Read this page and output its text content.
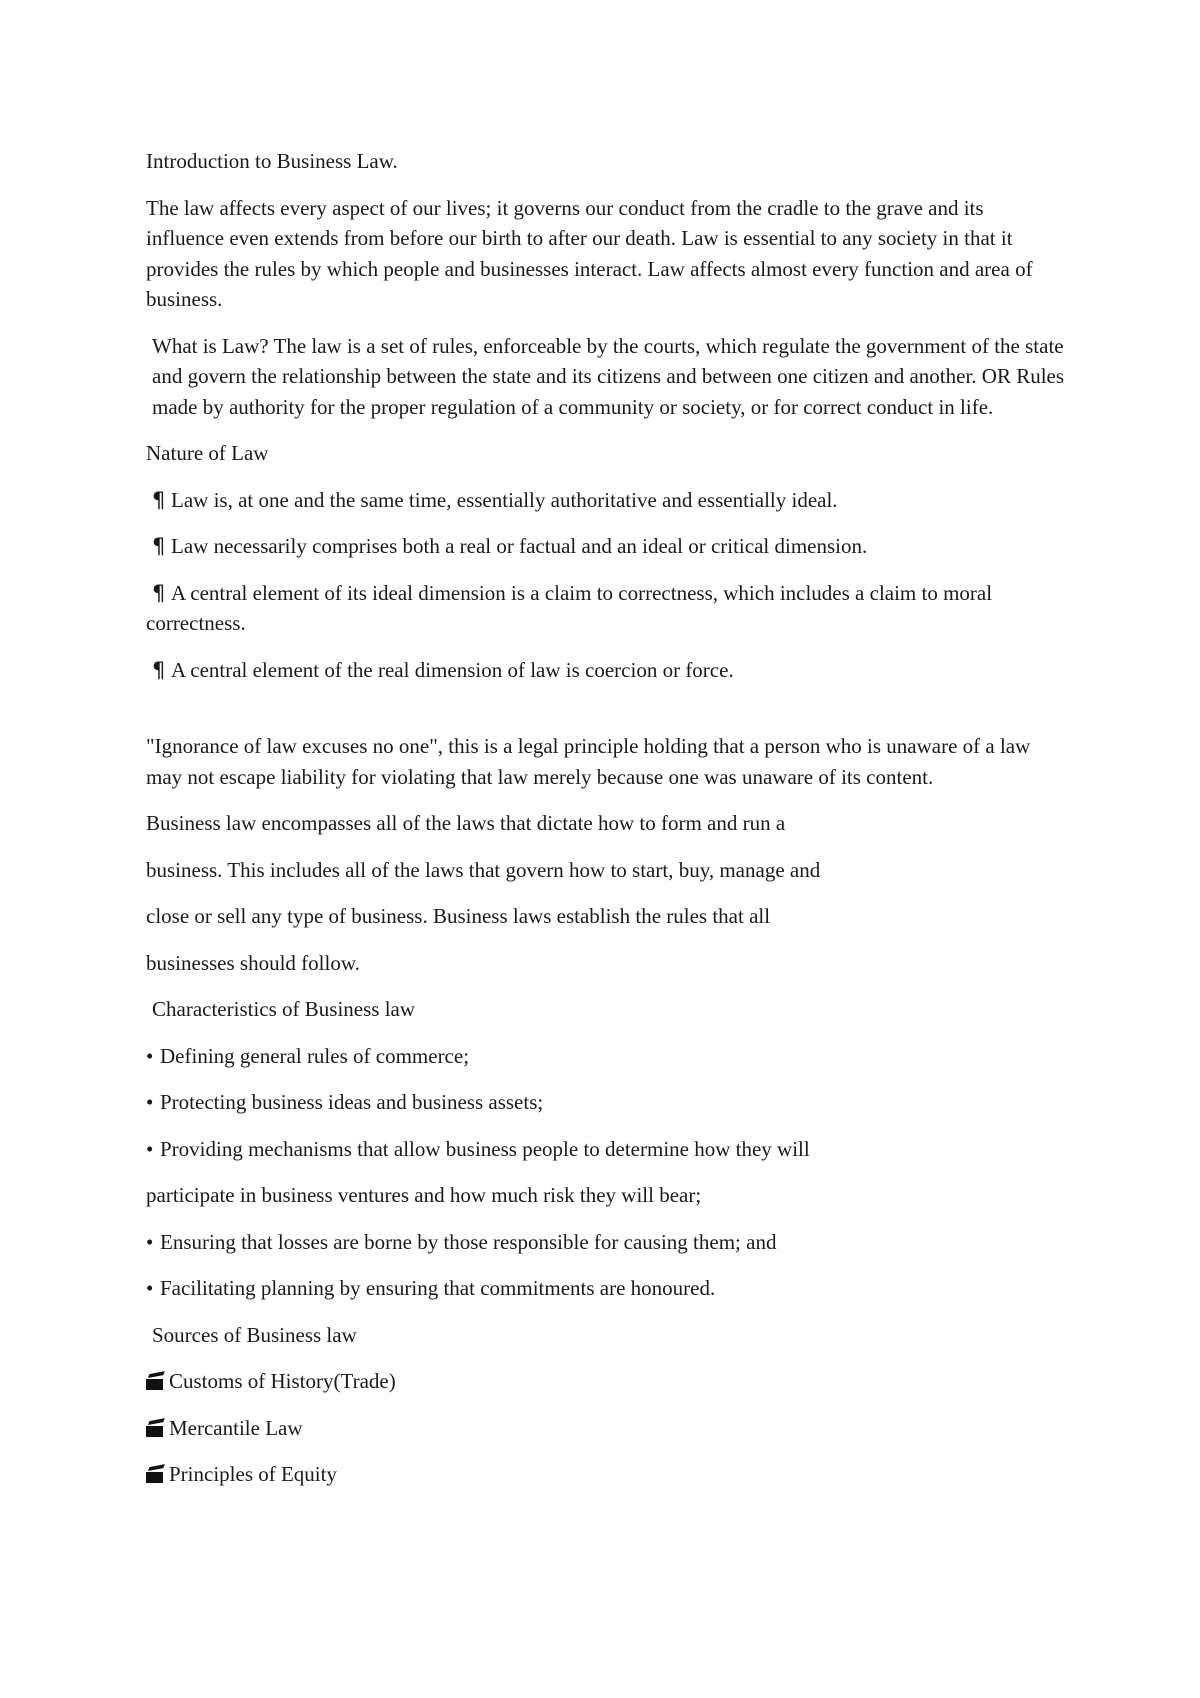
Introduction to Business Law.

The law affects every aspect of our lives; it governs our conduct from the cradle to the grave and its influence even extends from before our birth to after our death. Law is essential to any society in that it provides the rules by which people and businesses interact. Law affects almost every function and area of business.

What is Law? The law is a set of rules, enforceable by the courts, which regulate the government of the state and govern the relationship between the state and its citizens and between one citizen and another. OR Rules made by authority for the proper regulation of a community or society, or for correct conduct in life.

Nature of Law

¶ Law is, at one and the same time, essentially authoritative and essentially ideal.

¶ Law necessarily comprises both a real or factual and an ideal or critical dimension.

¶ A central element of its ideal dimension is a claim to correctness, which includes a claim to moral correctness.

¶ A central element of the real dimension of law is coercion or force.

"Ignorance of law excuses no one", this is a legal principle holding that a person who is unaware of a law may not escape liability for violating that law merely because one was unaware of its content.

Business law encompasses all of the laws that dictate how to form and run a

business. This includes all of the laws that govern how to start, buy, manage and

close or sell any type of business. Business laws establish the rules that all

businesses should follow.

Characteristics of Business law

• Defining general rules of commerce;

• Protecting business ideas and business assets;

• Providing mechanisms that allow business people to determine how they will

participate in business ventures and how much risk they will bear;

• Ensuring that losses are borne by those responsible for causing them; and

• Facilitating planning by ensuring that commitments are honoured.

Sources of Business law

Customs of History(Trade)

Mercantile Law

Principles of Equity
